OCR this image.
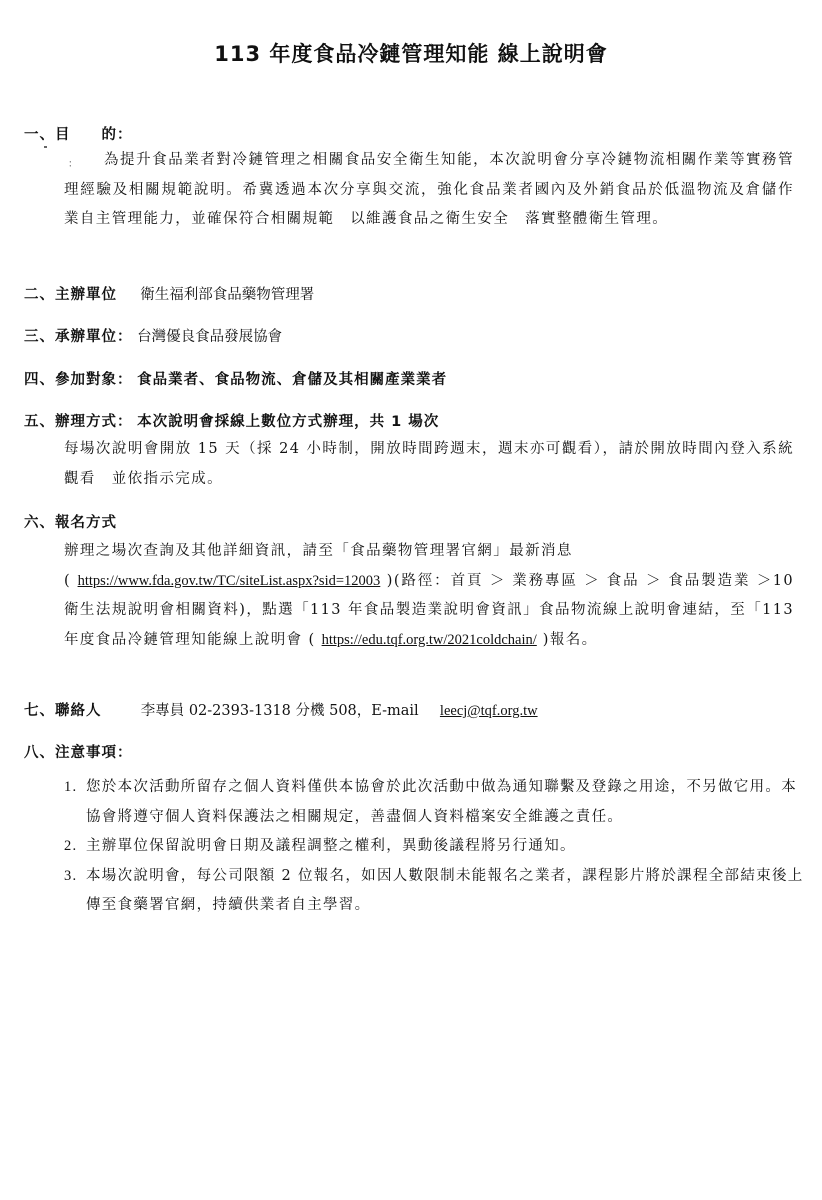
113 年度食品冷鏈管理知能 線上說明會
一、目　　的：
：	為提升食品業者對冷鏈管理之相關食品安全衛生知能，本次說明會分享冷鏈物流相關作業等實務管理經驗及相關規範說明。希冀透過本次分享與交流，強化食品業者國內及外銷食品於低溫物流及倉儲作業自主管理能力，並確保符合相關規範　以維護食品之衛生安全　落實整體衛生管理。
二、主辦單位 衛生福利部食品藥物管理署
三、承辦單位： 台灣優良食品發展協會
四、參加對象： 食品業者、食品物流、倉儲及其相關產業業者
五、辦理方式： 本次說明會採線上數位方式辦理，共 1 場次
每場次說明會開放 15 天（採 24 小時制，開放時間跨週末，週末亦可觀看），請於開放時間內登入系統觀看　並依指示完成。
六、報名方式
辦理之場次查詢及其他詳細資訊，請至「食品藥物管理署官網」最新消息
( https://www.fda.gov.tw/TC/siteList.aspx?sid=12003 )(路徑：首頁 ＞ 業務專區 ＞ 食品 ＞ 食品製造業 ＞10 衛生法規說明會相關資料)，點選「113 年食品製造業說明會資訊」食品物流線上說明會連結，至「113 年度食品冷鏈管理知能線上說明會 ( https://edu.tqf.org.tw/2021coldchain/ )報名。
七、聯絡人	李專員 02-2393-1318 分機 508，E-mail leecj@tqf.org.tw
八、注意事項：
1. 您於本次活動所留存之個人資料僅供本協會於此次活動中做為通知聯繫及登錄之用途，不另做它用。本協會將遵守個人資料保護法之相關規定，善盡個人資料檔案安全維護之責任。
2. 主辦單位保留說明會日期及議程調整之權利，異動後議程將另行通知。
3. 本場次說明會，每公司限額 2 位報名，如因人數限制未能報名之業者，課程影片將於課程全部結束後上傳至食藥署官網，持續供業者自主學習。
